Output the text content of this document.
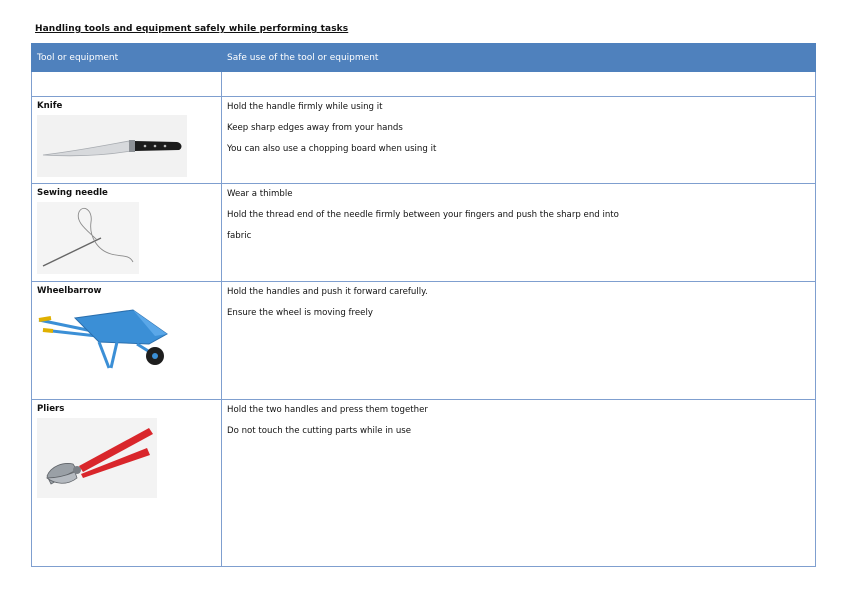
Handling tools and equipment safely while performing tasks

Tool or equipment	Safe use of the tool or equipment

Knife	Hold the handle firmly while using it
Keep sharp edges away from your hands
You can also use a chopping board when using it

Sewing needle	Wear a thimble
Hold the thread end of the needle firmly between your fingers and push the sharp end into
fabric

Wheelbarrow	Hold the handles and push it forward carefully.
Ensure the wheel is moving freely

Pliers	Hold the two handles and press them together
Do not touch the cutting parts while in use
